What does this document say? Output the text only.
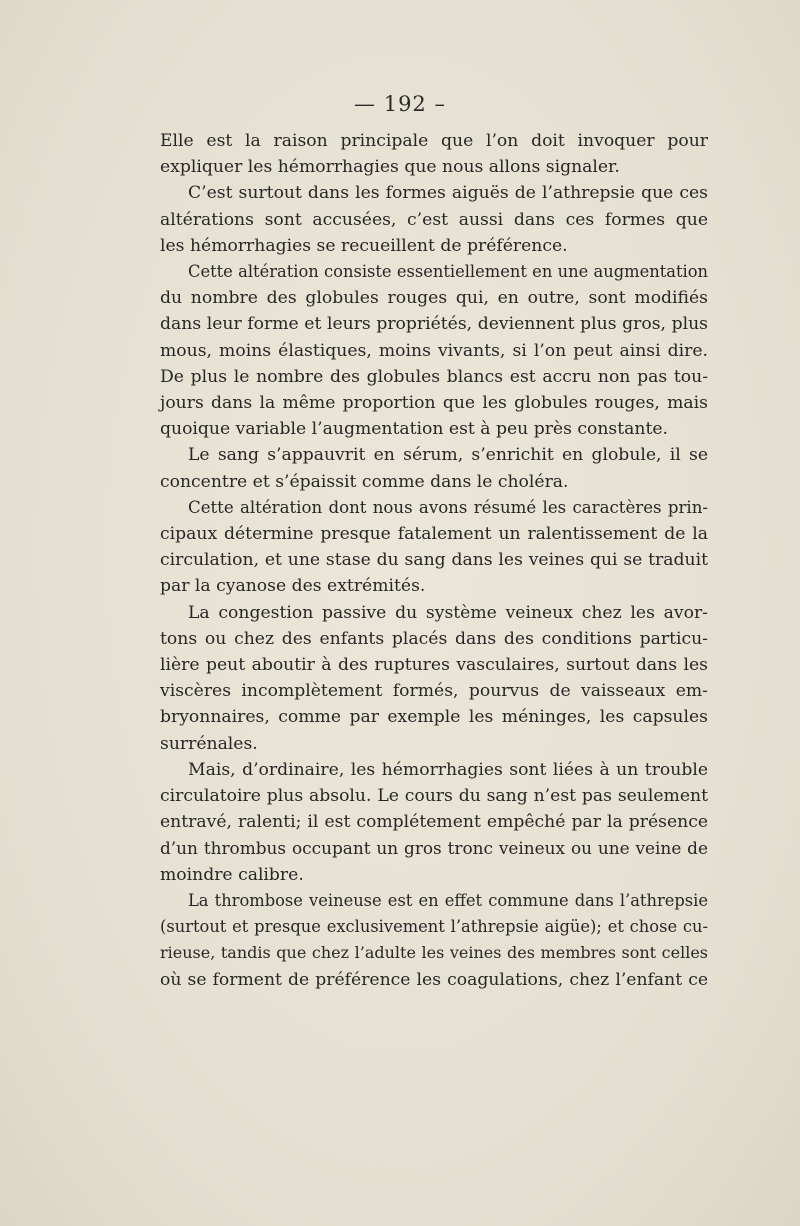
— 192 –
Elle est la raison principale que l’on doit invoquer pour
expliquer les hémorrhagies que nous allons signaler.
C’est surtout dans les formes aiguës de l’athrepsie que ces
altérations sont accusées, c’est aussi dans ces formes que
les hémorrhagies se recueillent de préférence.
Cette altération consiste essentiellement en une augmentation
du nombre des globules rouges qui, en outre, sont modifiés
dans leur forme et leurs propriétés, deviennent plus gros, plus
mous, moins élastiques, moins vivants, si l’on peut ainsi dire.
De plus le nombre des globules blancs est accru non pas tou-
jours dans la même proportion que les globules rouges, mais
quoique variable l’augmentation est à peu près constante.
Le sang s’appauvrit en sérum, s’enrichit en globule, il se
concentre et s’épaissit comme dans le choléra.
Cette altération dont nous avons résumé les caractères prin-
cipaux détermine presque fatalement un ralentissement de la
circulation, et une stase du sang dans les veines qui se traduit
par la cyanose des extrémités.
La congestion passive du système veineux chez les avor-
tons ou chez des enfants placés dans des conditions particu-
lière peut aboutir à des ruptures vasculaires, surtout dans les
viscères incomplètement formés, pourvus de vaisseaux em-
bryonnaires, comme par exemple les méninges, les capsules
surrénales.
Mais, d’ordinaire, les hémorrhagies sont liées à un trouble
circulatoire plus absolu. Le cours du sang n’est pas seulement
entravé, ralenti; il est complétement empêché par la présence
d’un thrombus occupant un gros tronc veineux ou une veine de
moindre calibre.
La thrombose veineuse est en effet commune dans l’athrepsie
(surtout et presque exclusivement l’athrepsie aigüe); et chose cu-
rieuse, tandis que chez l’adulte les veines des membres sont celles
où se forment de préférence les coagulations, chez l’enfant ce
